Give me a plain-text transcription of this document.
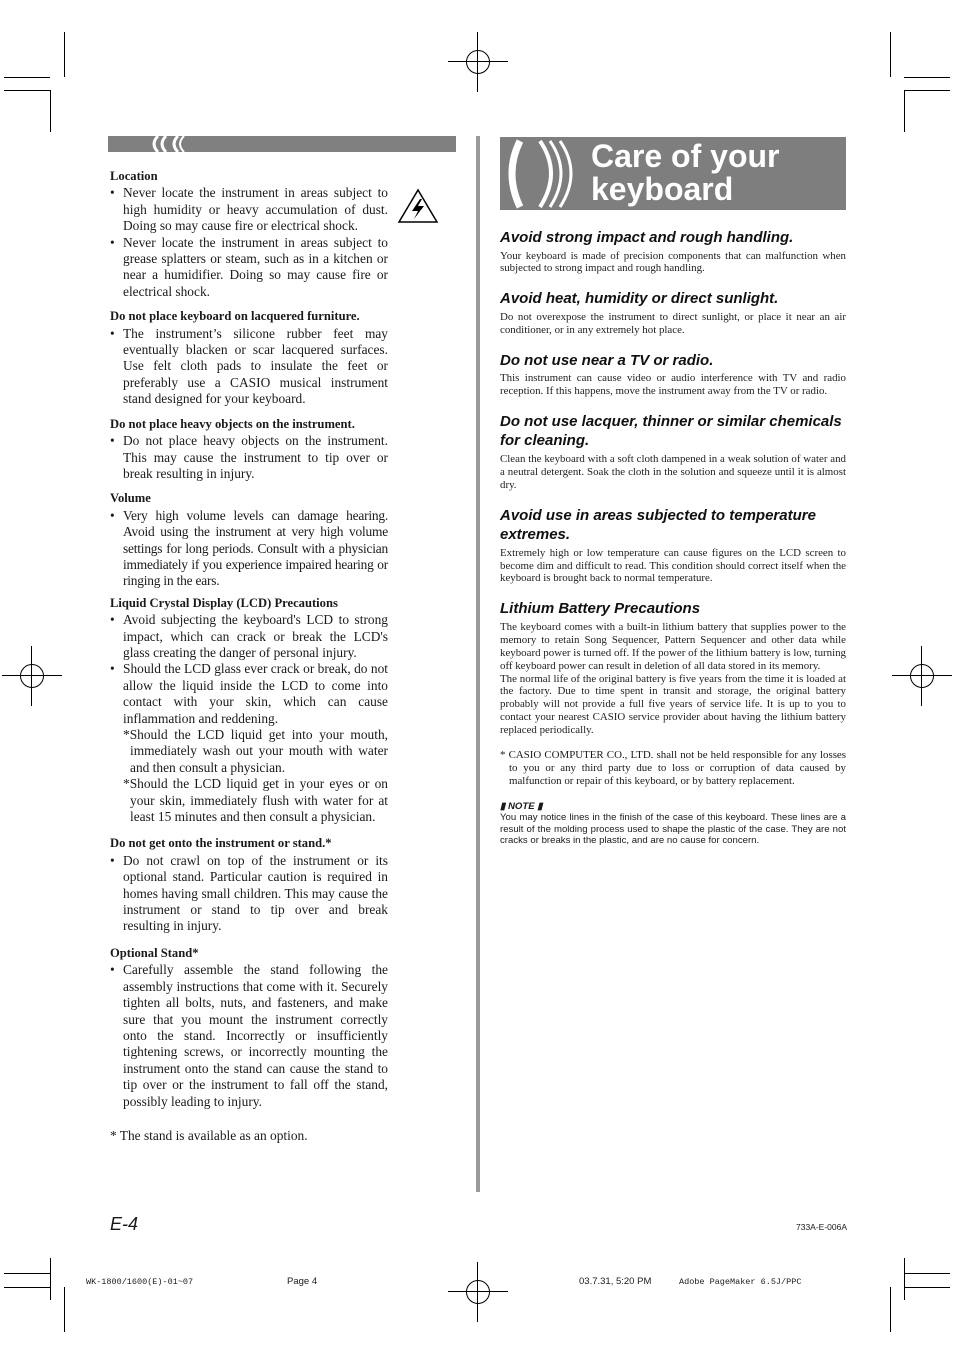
Care of your keyboard
Location
• Never locate the instrument in areas subject to high humidity or heavy accumulation of dust. Doing so may cause fire or electrical shock.
• Never locate the instrument in areas subject to grease splatters or steam, such as in a kitchen or near a humidifier. Doing so may cause fire or electrical shock.
Do not place keyboard on lacquered furniture.
• The instrument’s silicone rubber feet may eventually blacken or scar lacquered surfaces. Use felt cloth pads to insulate the feet or preferably use a CASIO musical instrument stand designed for your keyboard.
Do not place heavy objects on the instrument.
• Do not place heavy objects on the instrument. This may cause the instrument to tip over or break resulting in injury.
Volume
• Very high volume levels can damage hearing. Avoid using the instrument at very high volume settings for long periods. Consult with a physician immediately if you experience impaired hearing or ringing in the ears.
Liquid Crystal Display (LCD) Precautions
• Avoid subjecting the keyboard's LCD to strong impact, which can crack or break the LCD's glass creating the danger of personal injury.
• Should the LCD glass ever crack or break, do not allow the liquid inside the LCD to come into contact with your skin, which can cause inflammation and reddening.
*Should the LCD liquid get into your mouth, immediately wash out your mouth with water and then consult a physician.
*Should the LCD liquid get in your eyes or on your skin, immediately flush with water for at least 15 minutes and then consult a physician.
Do not get onto the instrument or stand.*
• Do not crawl on top of the instrument or its optional stand. Particular caution is required in homes having small children. This may cause the instrument or stand to tip over and break resulting in injury.
Optional Stand*
• Carefully assemble the stand following the assembly instructions that come with it. Securely tighten all bolts, nuts, and fasteners, and make sure that you mount the instrument correctly onto the stand. Incorrectly or insufficiently tightening screws, or incorrectly mounting the instrument onto the stand can cause the stand to tip over or the instrument to fall off the stand, possibly leading to injury.
* The stand is available as an option.

Avoid strong impact and rough handling.

Your keyboard is made of precision components that can malfunction when subjected to strong impact and rough handling.

Avoid heat, humidity or direct sunlight.

Do not overexpose the instrument to direct sunlight, or place it near an air conditioner, or in any extremely hot place.

Do not use near a TV or radio.

This instrument can cause video or audio interference with TV and radio reception. If this happens, move the instrument away from the TV or radio.

Do not use lacquer, thinner or similar chemicals for cleaning.

Clean the keyboard with a soft cloth dampened in a weak solution of water and a neutral detergent. Soak the cloth in the solution and squeeze until it is almost dry.

Avoid use in areas subjected to temperature extremes.

Extremely high or low temperature can cause figures on the LCD screen to become dim and difficult to read. This condition should correct itself when the keyboard is brought back to normal temperature.

Lithium Battery Precautions

The keyboard comes with a built-in lithium battery that supplies power to the memory to retain Song Sequencer, Pattern Sequencer and other data while keyboard power is turned off. If the power of the lithium battery is low, turning off keyboard power can result in deletion of all data stored in its memory.

The normal life of the original battery is five years from the time it is loaded at the factory. Due to time spent in transit and storage, the original battery probably will not provide a full five years of service life. It is up to you to contact your nearest CASIO service provider about having the lithium battery replaced periodically.

* CASIO COMPUTER CO., LTD. shall not be held responsible for any losses to you or any third party due to loss or corruption of data caused by malfunction or repair of this keyboard, or by battery replacement.
▮ NOTE ▮
You may notice lines in the finish of the case of this keyboard. These lines are a result of the molding process used to shape the plastic of the case. They are not cracks or breaks in the plastic, and are no cause for concern.
E-4	733A-E-006A
WK-1800/1600(E)-01~07	Page 4	03.7.31, 5:20 PM	Adobe PageMaker 6.5J/PPC
